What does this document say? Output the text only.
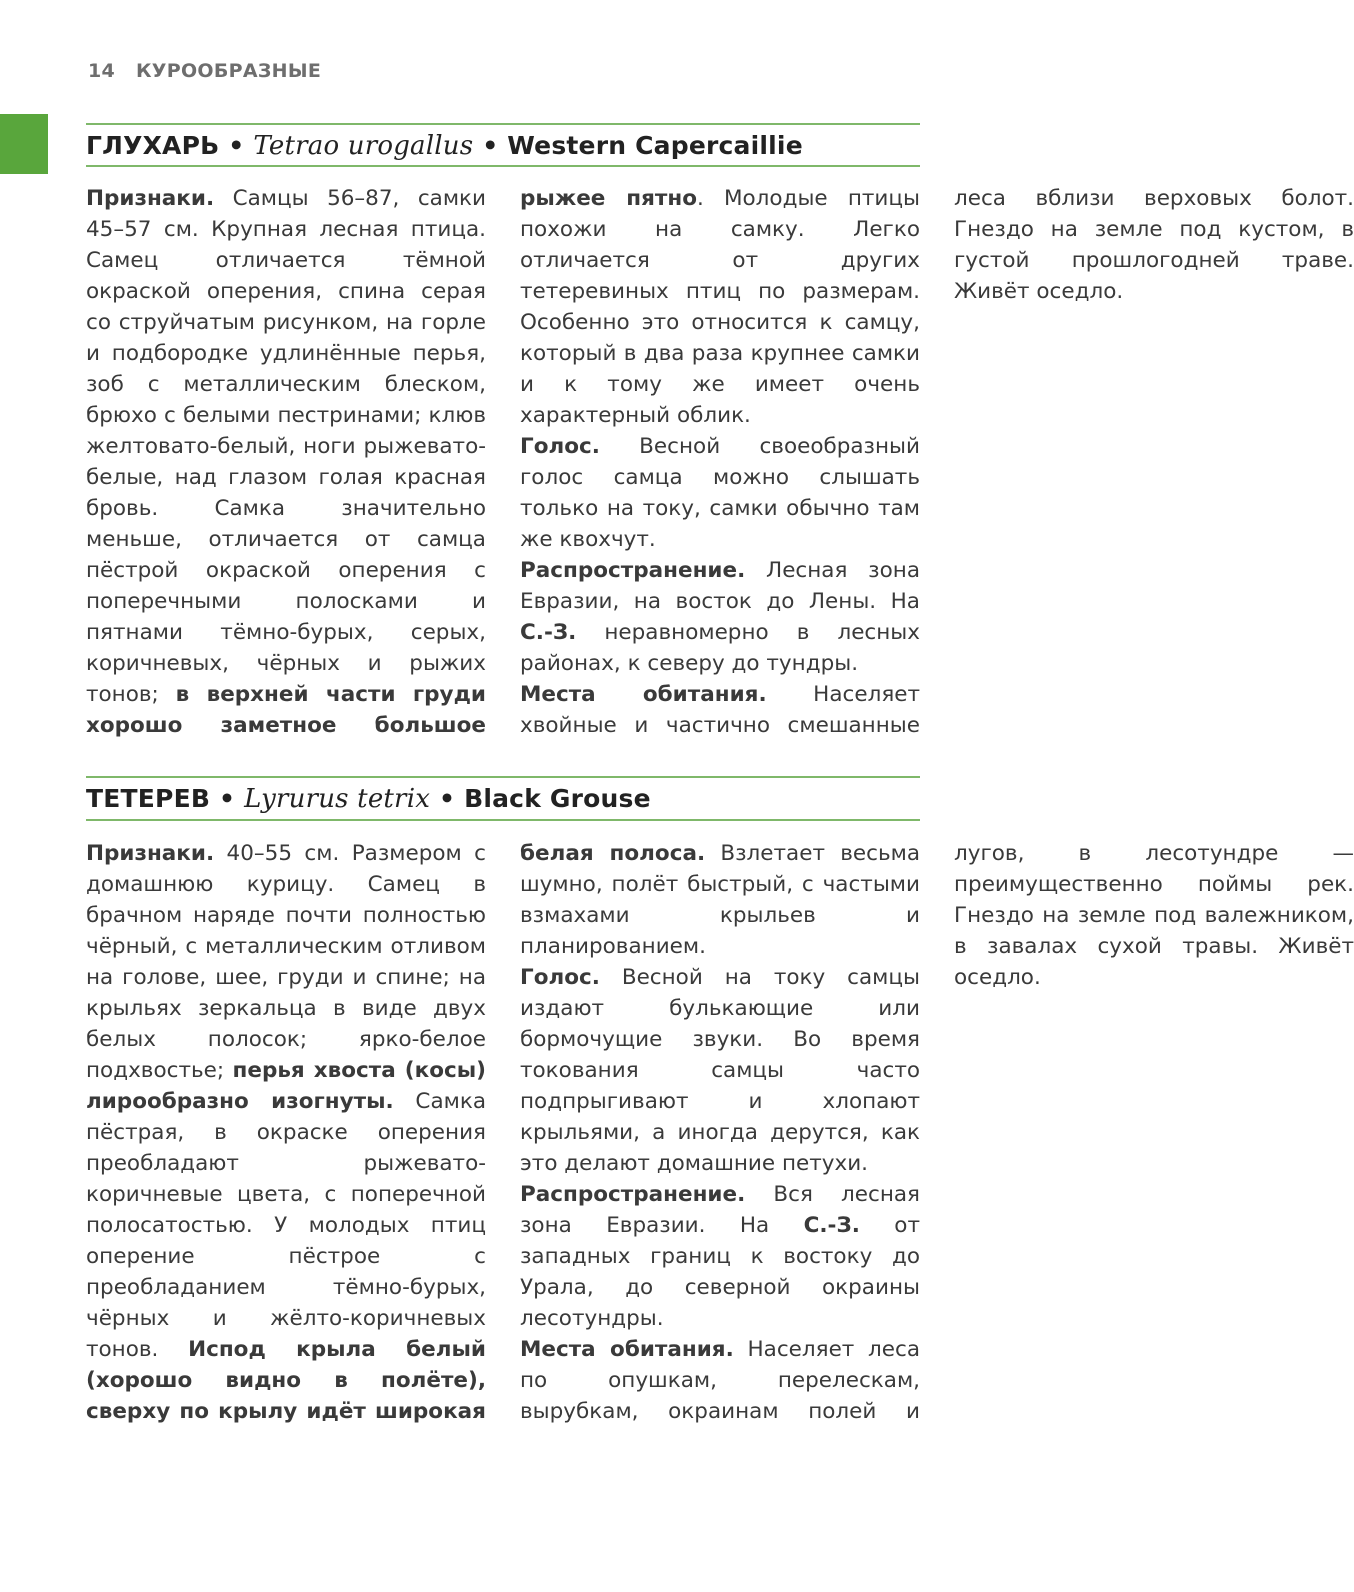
14 КУРООБРАЗНЫЕ
ГЛУХАРЬ • Tetrao urogallus • Western Capercaillie
ТЕТЕРЕВ • Lyrurus tetrix • Black Grouse

Признаки. Самцы 56–87, самки 45–57 см. Крупная лесная птица. Самец отличается тёмной окраской оперения, спина серая со струйчатым рисунком, на горле и подбородке удлинённые перья, зоб с металлическим блеском, брюхо с белыми пестринами; клюв желтовато-белый, ноги рыжевато-белые, над глазом голая красная бровь. Самка значительно меньше, отличается от самца пёстрой окраской оперения с поперечными полосками и пятнами тёмно-бурых, серых, коричневых, чёрных и рыжих тонов; в верхней части груди хорошо заметное большое рыжее пятно. Молодые птицы похожи на самку. Легко отличается от других тетеревиных птиц по размерам. Особенно это относится к самцу, который в два раза крупнее самки и к тому же имеет очень характерный облик.

Голос. Весной своеобразный голос самца можно слышать только на току, самки обычно там же квохчут.

Распространение. Лесная зона Евразии, на восток до Лены. На С.-З. неравномерно в лесных районах, к северу до тундры.

Места обитания. Населяет хвойные и частично смешанные леса вблизи верховых болот. Гнездо на земле под кустом, в густой прошлогодней траве. Живёт оседло.

Признаки. 40–55 см. Размером с домашнюю курицу. Самец в брачном наряде почти полностью чёрный, с металлическим отливом на голове, шее, груди и спине; на крыльях зеркальца в виде двух белых полосок; ярко-белое подхвостье; перья хвоста (косы) лирообразно изогнуты. Самка пёстрая, в окраске оперения преобладают рыжевато-коричневые цвета, с поперечной полосатостью. У молодых птиц оперение пёстрое с преобладанием тёмно-бурых, чёрных и жёлто-коричневых тонов. Испод крыла белый (хорошо видно в полёте), сверху по крылу идёт широкая белая полоса. Взлетает весьма шумно, полёт быстрый, с частыми взмахами крыльев и планированием.

Голос. Весной на току самцы издают булькающие или бормочущие звуки. Во время токования самцы часто подпрыгивают и хлопают крыльями, а иногда дерутся, как это делают домашние петухи.

Распространение. Вся лесная зона Евразии. На С.-З. от западных границ к востоку до Урала, до северной окраины лесотундры.

Места обитания. Населяет леса по опушкам, перелескам, вырубкам, окраинам полей и лугов, в лесотундре — преимущественно поймы рек. Гнездо на земле под валежником, в завалах сухой травы. Живёт оседло.
